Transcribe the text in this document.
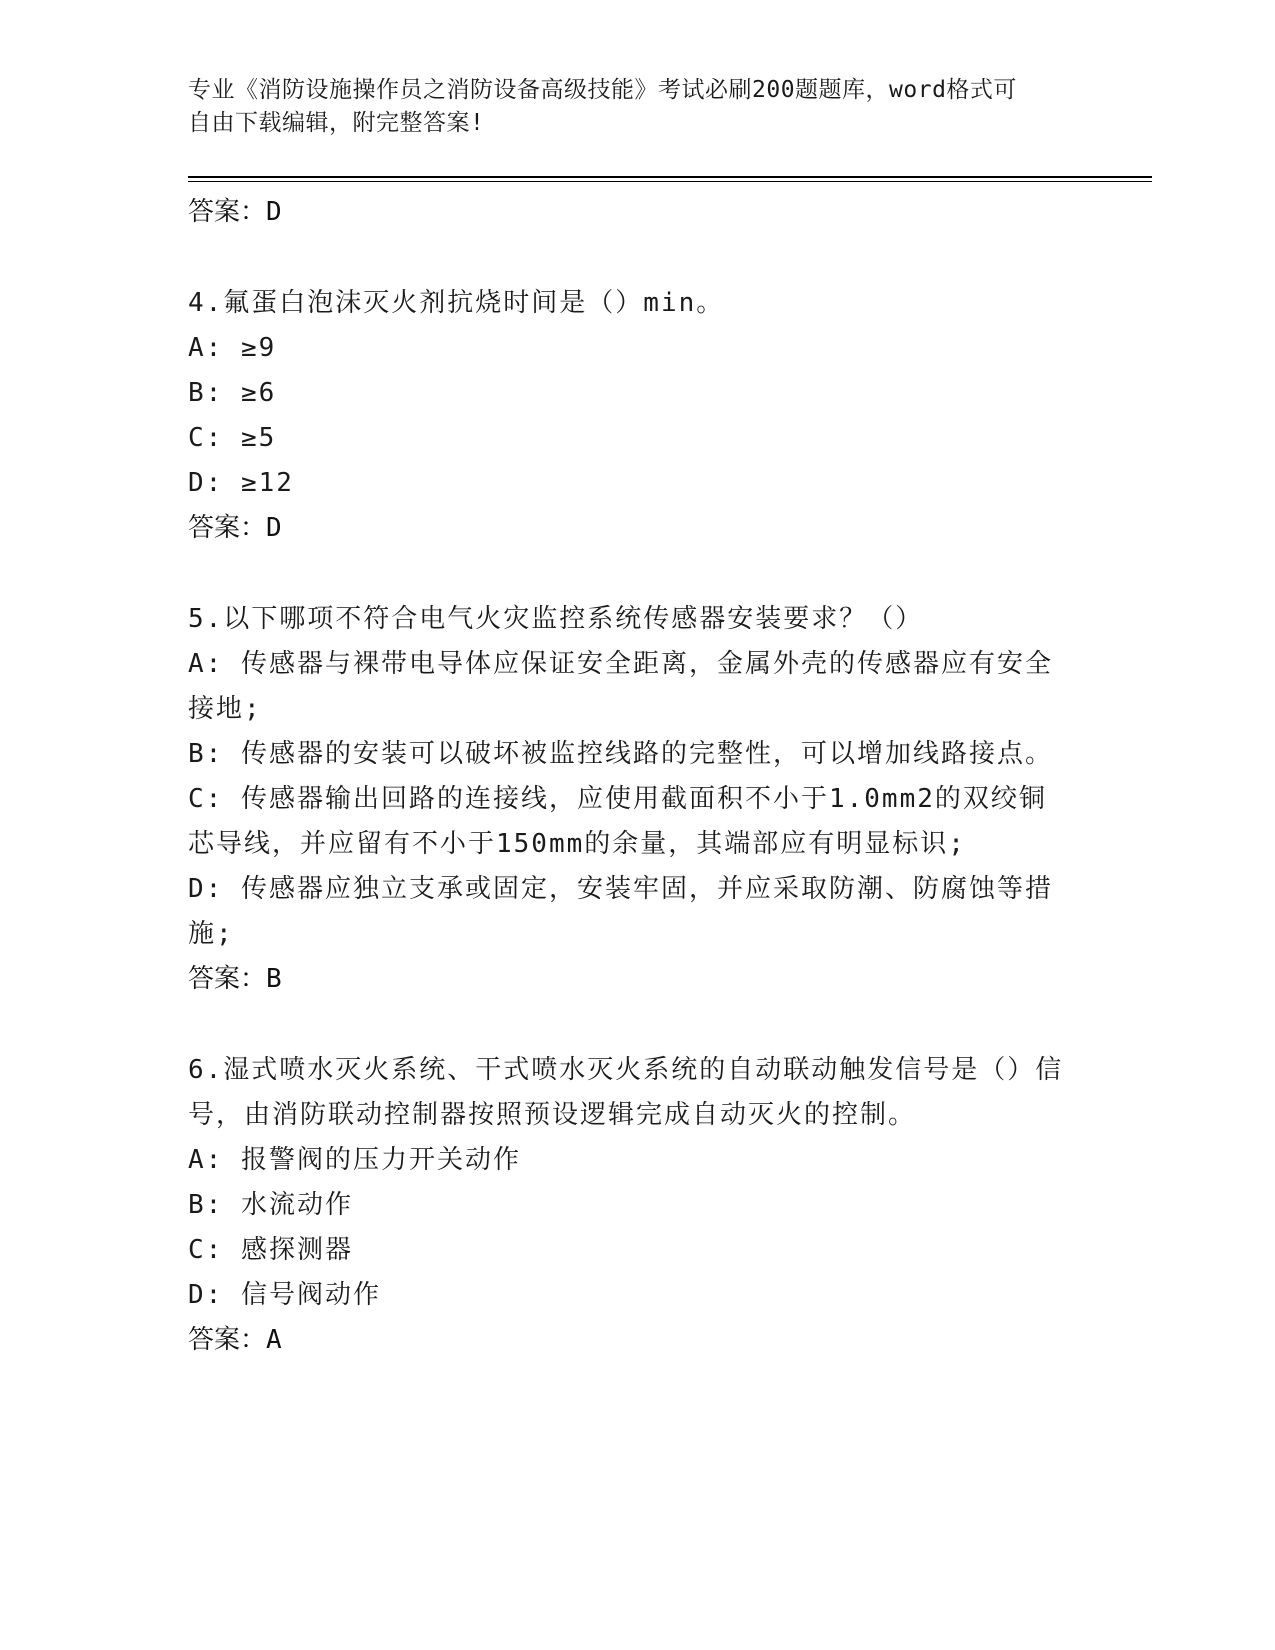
专业《消防设施操作员之消防设备高级技能》考试必刷200题题库，word格式可
自由下载编辑，附完整答案!

答案：D

4.氟蛋白泡沫灭火剂抗烧时间是（）min。

A: ≥9

B: ≥6

C: ≥5

D: ≥12

答案：D

5.以下哪项不符合电气火灾监控系统传感器安装要求？（）

A: 传感器与裸带电导体应保证安全距离，金属外壳的传感器应有安全接地;

B: 传感器的安装可以破坏被监控线路的完整性，可以增加线路接点。

C: 传感器输出回路的连接线，应使用截面积不小于1.0mm2的双绞铜芯导线，并应留有不小于150mm的余量，其端部应有明显标识;

D: 传感器应独立支承或固定，安装牢固，并应采取防潮、防腐蚀等措施;

答案：B

6.湿式喷水灭火系统、干式喷水灭火系统的自动联动触发信号是（）信号，由消防联动控制器按照预设逻辑完成自动灭火的控制。

A: 报警阀的压力开关动作

B: 水流动作

C: 感探测器

D: 信号阀动作

答案：A
